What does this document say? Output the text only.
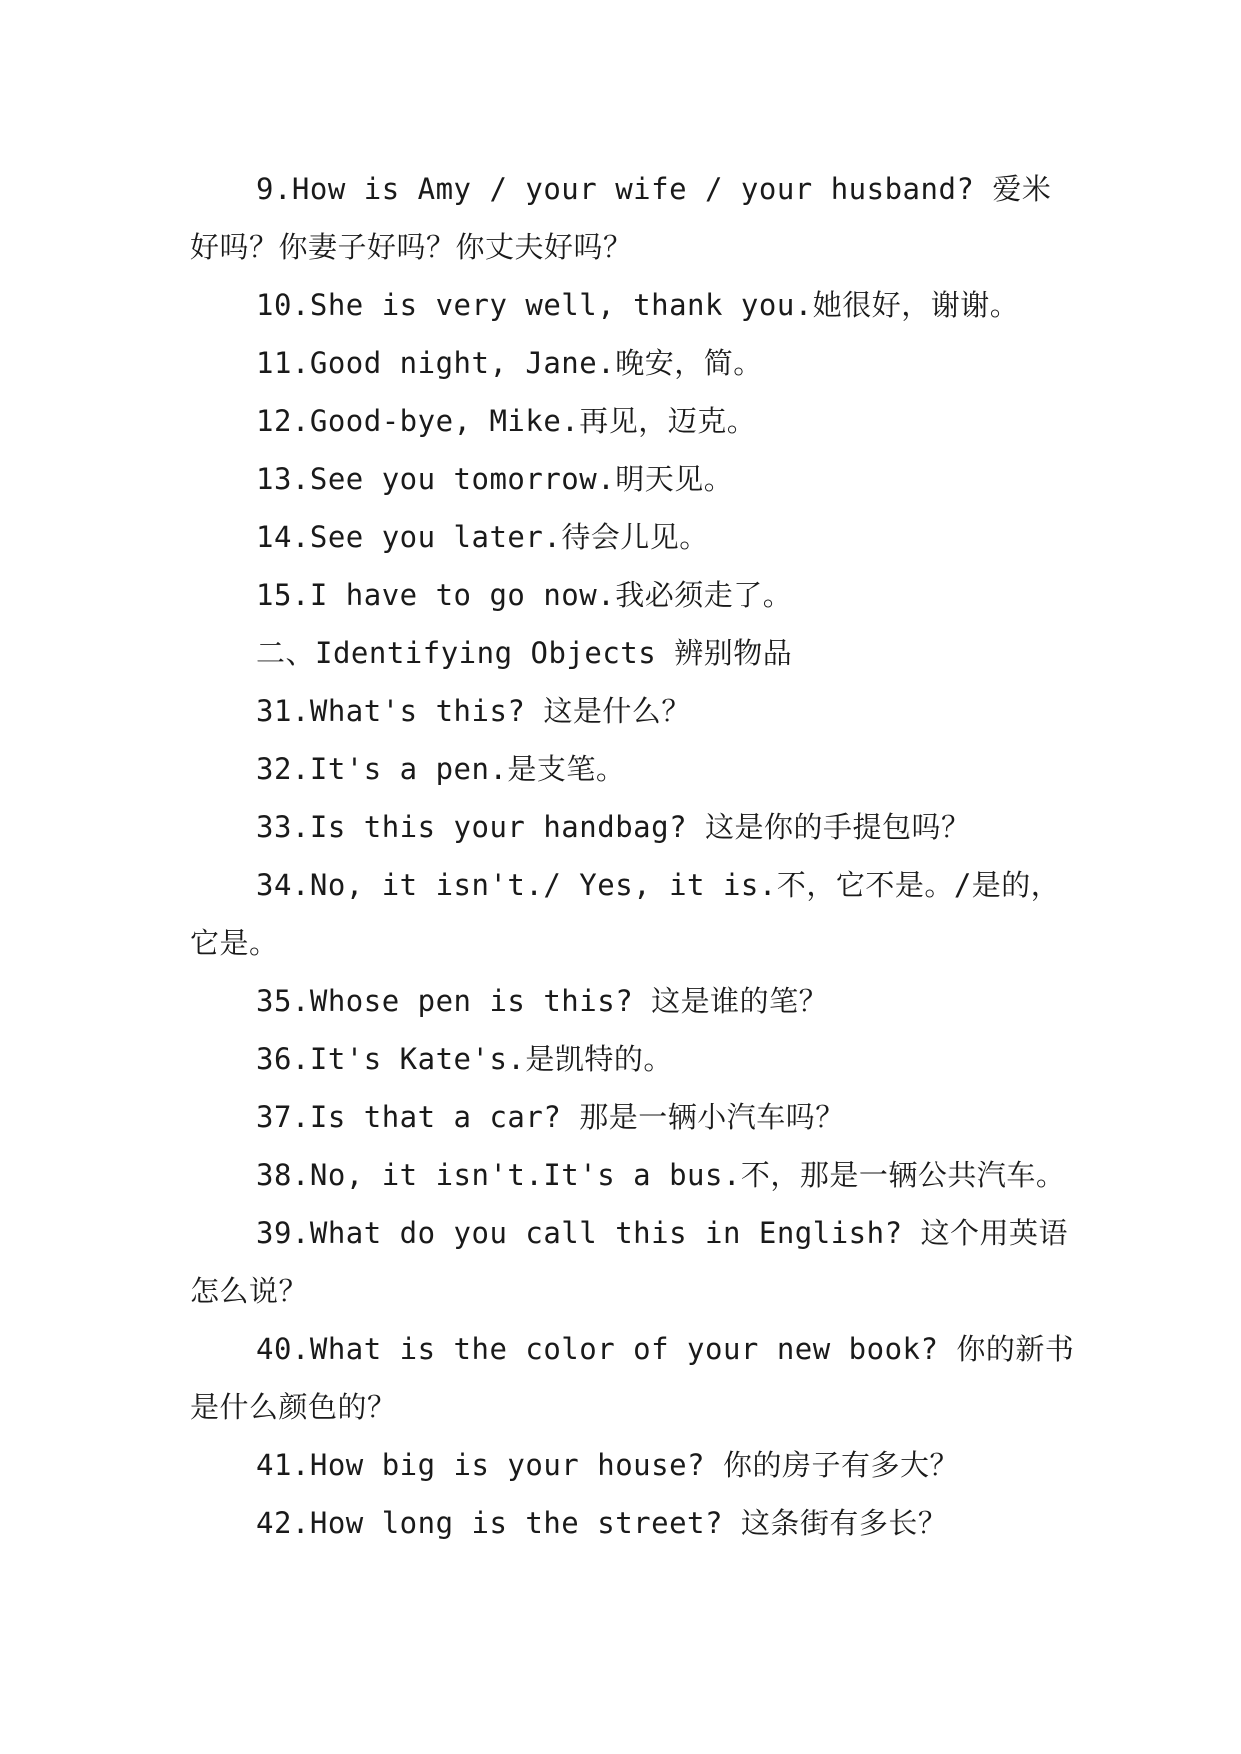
9.How is Amy / your wife / your husband? 爱米好吗？你妻子好吗？你丈夫好吗？

10.She is very well, thank you.她很好，谢谢。

11.Good night, Jane.晚安，简。

12.Good-bye, Mike.再见，迈克。

13.See you tomorrow.明天见。

14.See you later.待会儿见。

15.I have to go now.我必须走了。

二、Identifying Objects 辨别物品

31.What's this? 这是什么？

32.It's a pen.是支笔。

33.Is this your handbag? 这是你的手提包吗？

34.No, it isn't./ Yes, it is.不，它不是。/是的，它是。

35.Whose pen is this? 这是谁的笔？

36.It's Kate's.是凯特的。

37.Is that a car? 那是一辆小汽车吗？

38.No, it isn't.It's a bus.不，那是一辆公共汽车。

39.What do you call this in English? 这个用英语怎么说？

40.What is the color of your new book? 你的新书是什么颜色的？

41.How big is your house? 你的房子有多大？

42.How long is the street? 这条街有多长？
